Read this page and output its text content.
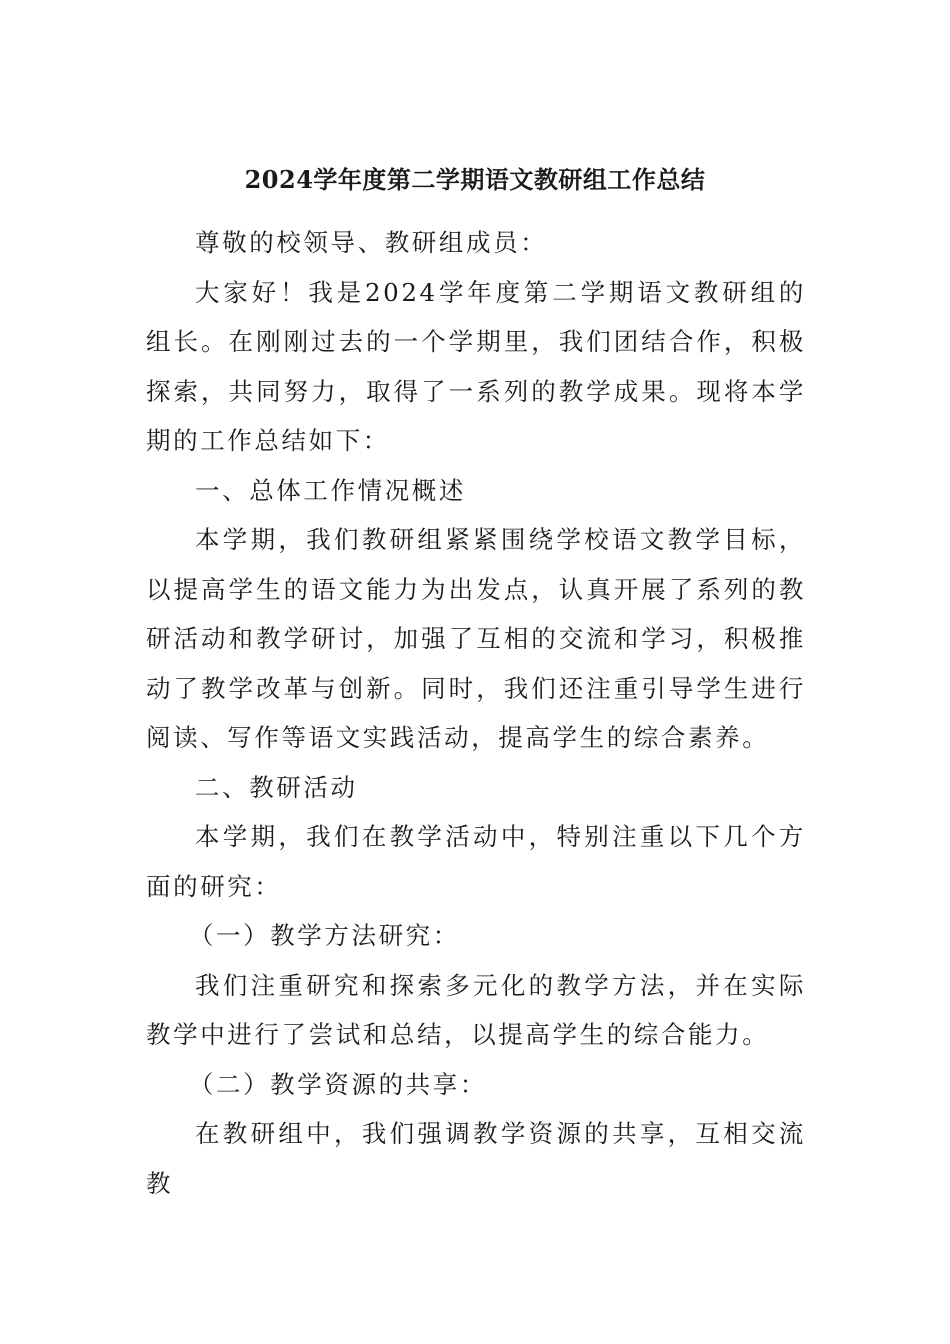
2024学年度第二学期语文教研组工作总结

尊敬的校领导、教研组成员：

大家好！我是2024学年度第二学期语文教研组的组长。在刚刚过去的一个学期里，我们团结合作，积极探索，共同努力，取得了一系列的教学成果。现将本学期的工作总结如下：

一、总体工作情况概述

本学期，我们教研组紧紧围绕学校语文教学目标，以提高学生的语文能力为出发点，认真开展了系列的教研活动和教学研讨，加强了互相的交流和学习，积极推动了教学改革与创新。同时，我们还注重引导学生进行阅读、写作等语文实践活动，提高学生的综合素养。

二、教研活动

本学期，我们在教学活动中，特别注重以下几个方面的研究：

（一）教学方法研究：

我们注重研究和探索多元化的教学方法，并在实际教学中进行了尝试和总结，以提高学生的综合能力。

（二）教学资源的共享：

在教研组中，我们强调教学资源的共享，互相交流教
